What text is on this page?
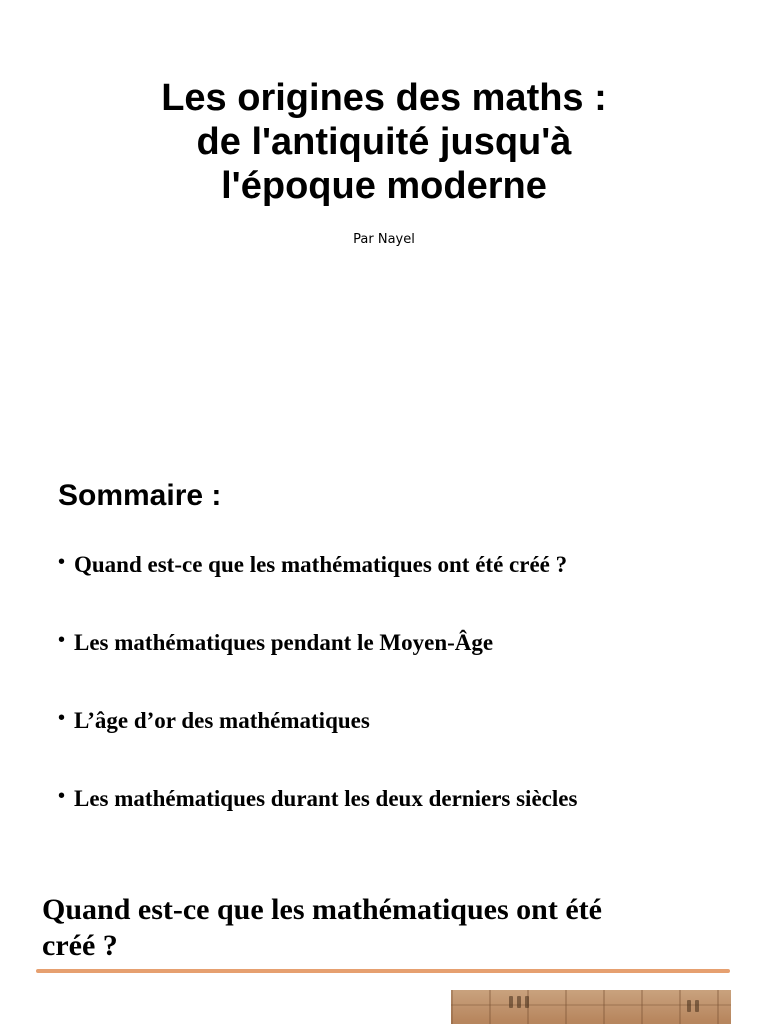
Les origines des maths :
de l'antiquité jusqu'à
l'époque moderne
Par Nayel
Sommaire :
• Quand est-ce que les mathématiques ont été créé ?
• Les mathématiques pendant le Moyen-Âge
• L’âge d’or des mathématiques
• Les mathématiques durant les deux derniers siècles
Quand est-ce que les mathématiques ont été
créé ?
